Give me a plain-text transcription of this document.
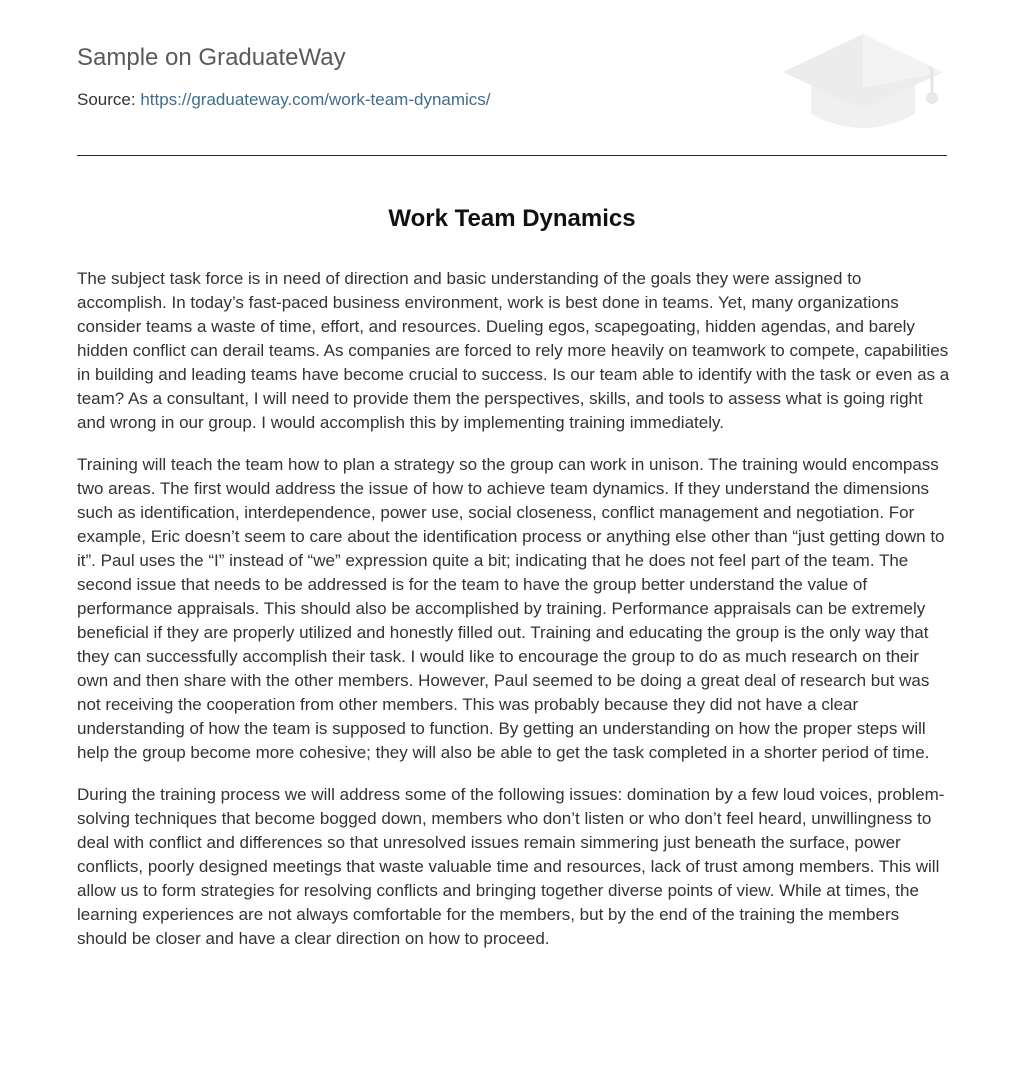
Sample on GraduateWay
Source: https://graduateway.com/work-team-dynamics/
Work Team Dynamics

The subject task force is in need of direction and basic understanding of the goals they were assigned to accomplish. In today’s fast-paced business environment, work is best done in teams. Yet, many organizations consider teams a waste of time, effort, and resources. Dueling egos, scapegoating, hidden agendas, and barely hidden conflict can derail teams. As companies are forced to rely more heavily on teamwork to compete, capabilities in building and leading teams have become crucial to success. Is our team able to identify with the task or even as a team? As a consultant, I will need to provide them the perspectives, skills, and tools to assess what is going right and wrong in our group. I would accomplish this by implementing training immediately.

Training will teach the team how to plan a strategy so the group can work in unison. The training would encompass two areas. The first would address the issue of how to achieve team dynamics. If they understand the dimensions such as identification, interdependence, power use, social closeness, conflict management and negotiation. For example, Eric doesn’t seem to care about the identification process or anything else other than “just getting down to it”. Paul uses the “I” instead of “we” expression quite a bit; indicating that he does not feel part of the team. The second issue that needs to be addressed is for the team to have the group better understand the value of performance appraisals. This should also be accomplished by training. Performance appraisals can be extremely beneficial if they are properly utilized and honestly filled out. Training and educating the group is the only way that they can successfully accomplish their task. I would like to encourage the group to do as much research on their own and then share with the other members. However, Paul seemed to be doing a great deal of research but was not receiving the cooperation from other members. This was probably because they did not have a clear understanding of how the team is supposed to function. By getting an understanding on how the proper steps will help the group become more cohesive; they will also be able to get the task completed in a shorter period of time.

During the training process we will address some of the following issues: domination by a few loud voices, problem-solving techniques that become bogged down, members who don’t listen or who don’t feel heard, unwillingness to deal with conflict and differences so that unresolved issues remain simmering just beneath the surface, power conflicts, poorly designed meetings that waste valuable time and resources, lack of trust among members. This will allow us to form strategies for resolving conflicts and bringing together diverse points of view. While at times, the learning experiences are not always comfortable for the members, but by the end of the training the members should be closer and have a clear direction on how to proceed.
